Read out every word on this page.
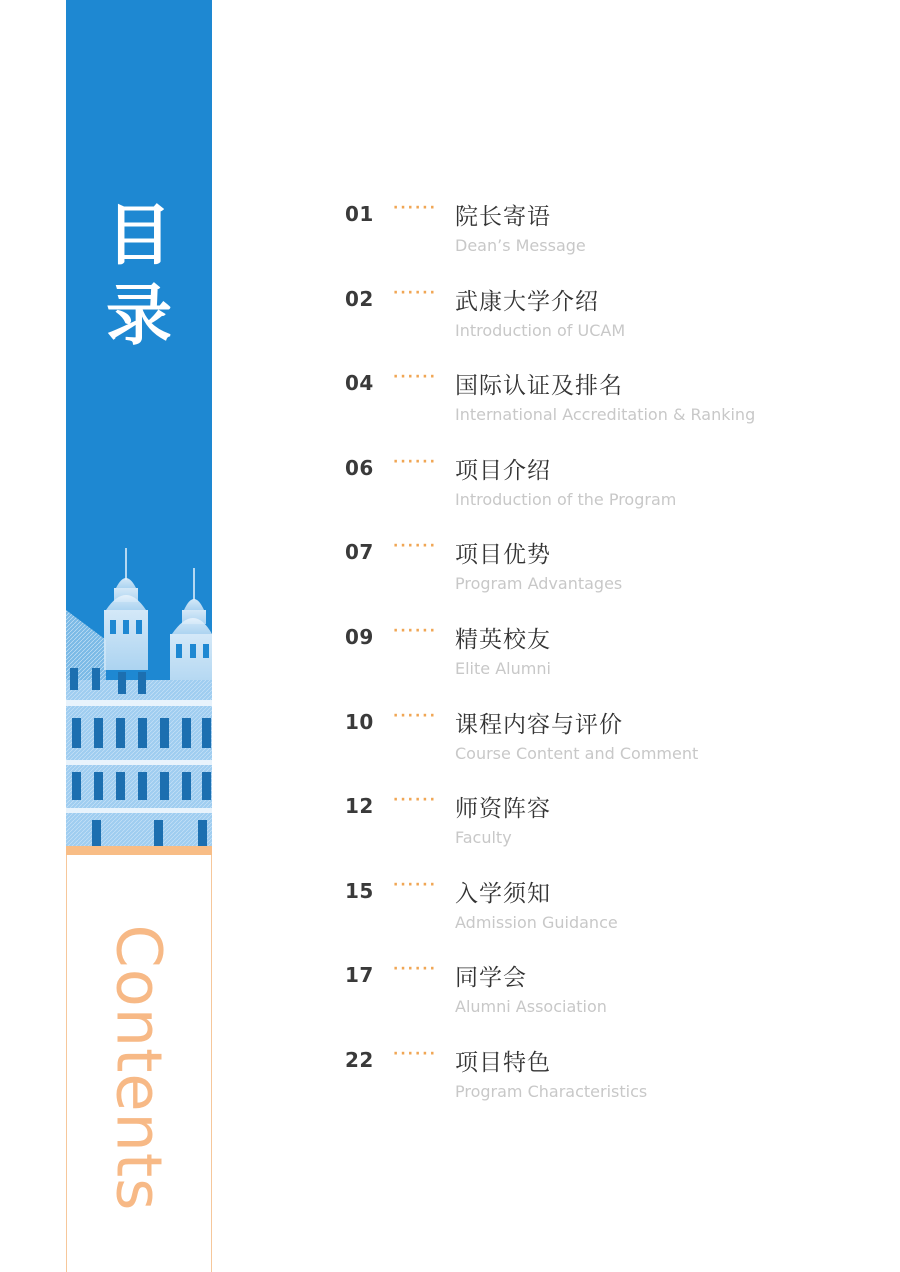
目
录
Contents
01 ······ 院长寄语
Dean’s Message
02 ······ 武康大学介绍
Introduction of UCAM
04 ······ 国际认证及排名
International Accreditation & Ranking
06 ······ 项目介绍
Introduction of the Program
07 ······ 项目优势
Program Advantages
09 ······ 精英校友
Elite Alumni
10 ······ 课程内容与评价
Course Content and Comment
12 ······ 师资阵容
Faculty
15 ······ 入学须知
Admission Guidance
17 ······ 同学会
Alumni Association
22 ······ 项目特色
Program Characteristics
